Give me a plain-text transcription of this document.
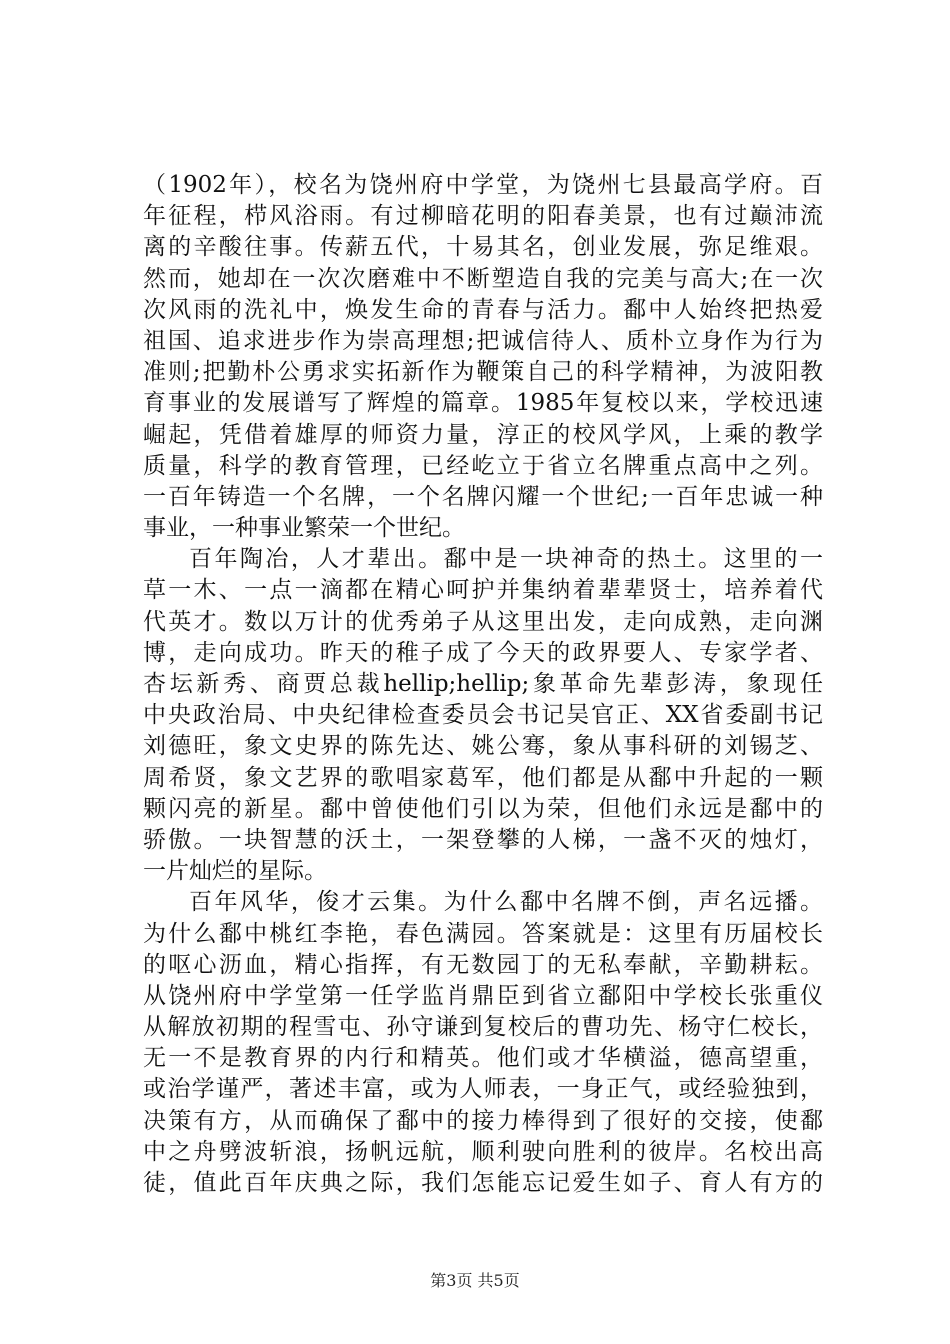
（1902年），校名为饶州府中学堂，为饶州七县最高学府。百
年征程，栉风浴雨。有过柳暗花明的阳春美景，也有过巅沛流
离的辛酸往事。传薪五代，十易其名，创业发展，弥足维艰。
然而，她却在一次次磨难中不断塑造自我的完美与高大;在一次
次风雨的洗礼中，焕发生命的青春与活力。鄱中人始终把热爱
祖国、追求进步作为崇高理想;把诚信待人、质朴立身作为行为
准则;把勤朴公勇求实拓新作为鞭策自己的科学精神，为波阳教
育事业的发展谱写了辉煌的篇章。1985年复校以来，学校迅速
崛起，凭借着雄厚的师资力量，淳正的校风学风，上乘的教学
质量，科学的教育管理，已经屹立于省立名牌重点高中之列。
一百年铸造一个名牌，一个名牌闪耀一个世纪;一百年忠诚一种
事业，一种事业繁荣一个世纪。
百年陶冶，人才辈出。鄱中是一块神奇的热土。这里的一
草一木、一点一滴都在精心呵护并集纳着辈辈贤士，培养着代
代英才。数以万计的优秀弟子从这里出发，走向成熟，走向渊
博，走向成功。昨天的稚子成了今天的政界要人、专家学者、
杏坛新秀、商贾总裁hellip;hellip;象革命先辈彭涛，象现任
中央政治局、中央纪律检查委员会书记吴官正、XX省委副书记
刘德旺，象文史界的陈先达、姚公骞，象从事科研的刘锡芝、
周希贤，象文艺界的歌唱家葛军，他们都是从鄱中升起的一颗
颗闪亮的新星。鄱中曾使他们引以为荣，但他们永远是鄱中的
骄傲。一块智慧的沃土，一架登攀的人梯，一盏不灭的烛灯，
一片灿烂的星际。
百年风华，俊才云集。为什么鄱中名牌不倒，声名远播。
为什么鄱中桃红李艳，春色满园。答案就是：这里有历届校长
的呕心沥血，精心指挥，有无数园丁的无私奉献，辛勤耕耘。
从饶州府中学堂第一任学监肖鼎臣到省立鄱阳中学校长张重仪
从解放初期的程雪屯、孙守谦到复校后的曹功先、杨守仁校长，
无一不是教育界的内行和精英。他们或才华横溢，德高望重，
或治学谨严，著述丰富，或为人师表，一身正气，或经验独到，
决策有方，从而确保了鄱中的接力棒得到了很好的交接，使鄱
中之舟劈波斩浪，扬帆远航，顺利驶向胜利的彼岸。名校出高
徒，值此百年庆典之际，我们怎能忘记爱生如子、育人有方的
第3页 共5页
